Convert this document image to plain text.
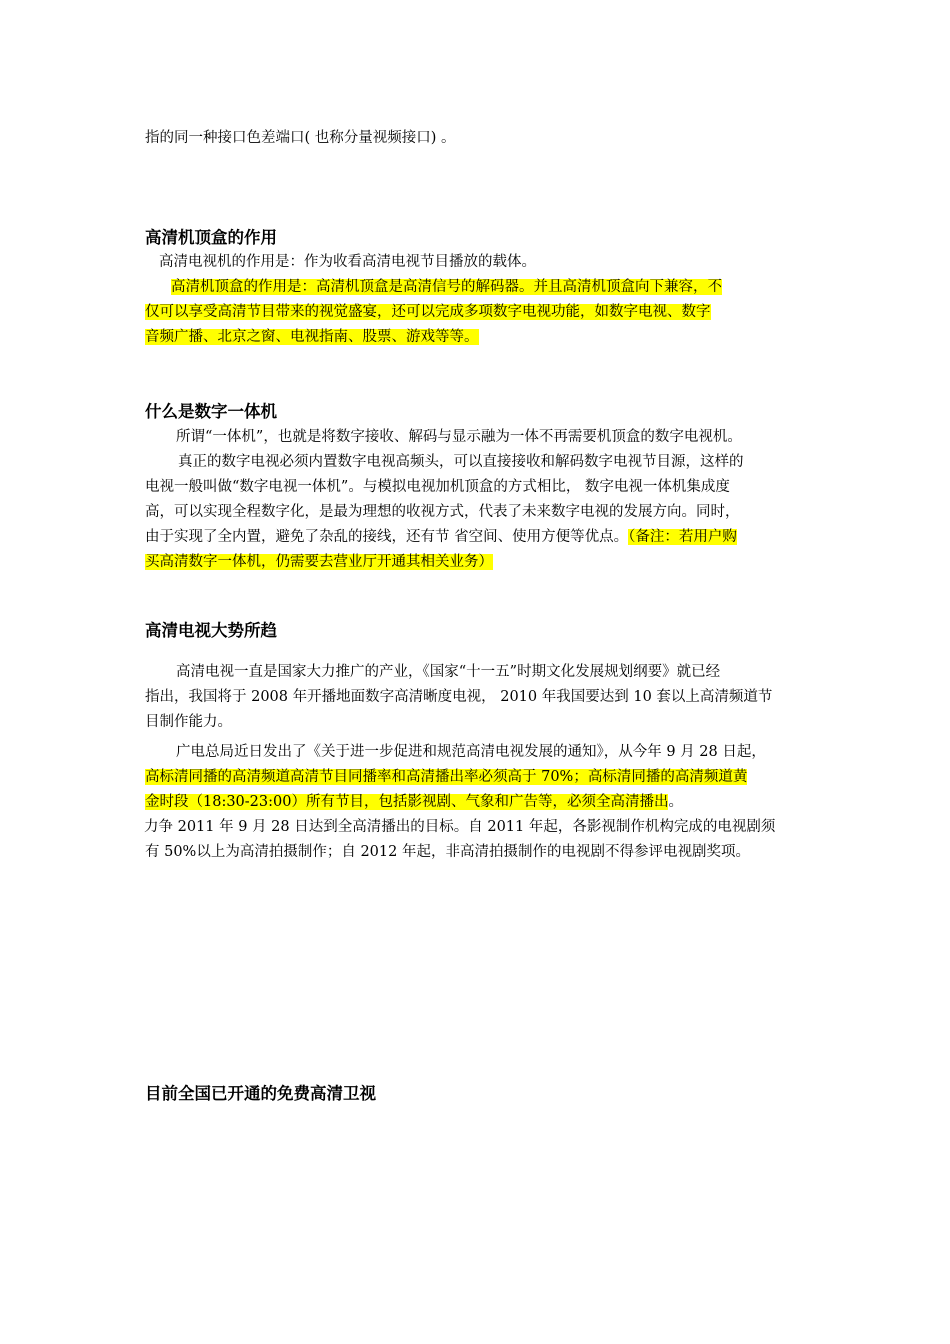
指的同一种接口色差端口( 也称分量视频接口) 。
高清机顶盒的作用
高清电视机的作用是：作为收看高清电视节目播放的载体。
高清机顶盒的作用是：高清机顶盒是高清信号的解码器。并且高清机顶盒向下兼容，不
仅可以享受高清节目带来的视觉盛宴，还可以完成多项数字电视功能，如数字电视、数字
音频广播、北京之窗、电视指南、股票、游戏等等。
什么是数字一体机
所谓“一体机”，也就是将数字接收、解码与显示融为一体不再需要机顶盒的数字电视机。
真正的数字电视必须内置数字电视高频头，可以直接接收和解码数字电视节目源，这样的
电视一般叫做“数字电视一体机”。与模拟电视加机顶盒的方式相比， 数字电视一体机集成度
高，可以实现全程数字化，是最为理想的收视方式，代表了未来数字电视的发展方向。同时，
由于实现了全内置，避免了杂乱的接线，还有节 省空间、使用方便等优点。（备注：若用户购
买高清数字一体机，仍需要去营业厅开通其相关业务）
高清电视大势所趋
高清电视一直是国家大力推广的产业，《国家“十一五”时期文化发展规划纲要》就已经
指出，我国将于 2008 年开播地面数字高清晰度电视， 2010 年我国要达到 10 套以上高清频道节
目制作能力。
广电总局近日发出了《关于进一步促进和规范高清电视发展的通知》，从今年 9 月 28 日起，
高标清同播的高清频道高清节目同播率和高清播出率必须高于 70%；高标清同播的高清频道黄
金时段（18:30-23:00）所有节目，包括影视剧、气象和广告等，必须全高清播出。
力争 2011 年 9 月 28 日达到全高清播出的目标。自 2011 年起，各影视制作机构完成的电视剧须
有 50%以上为高清拍摄制作；自 2012 年起，非高清拍摄制作的电视剧不得参评电视剧奖项。
目前全国已开通的免费高清卫视
